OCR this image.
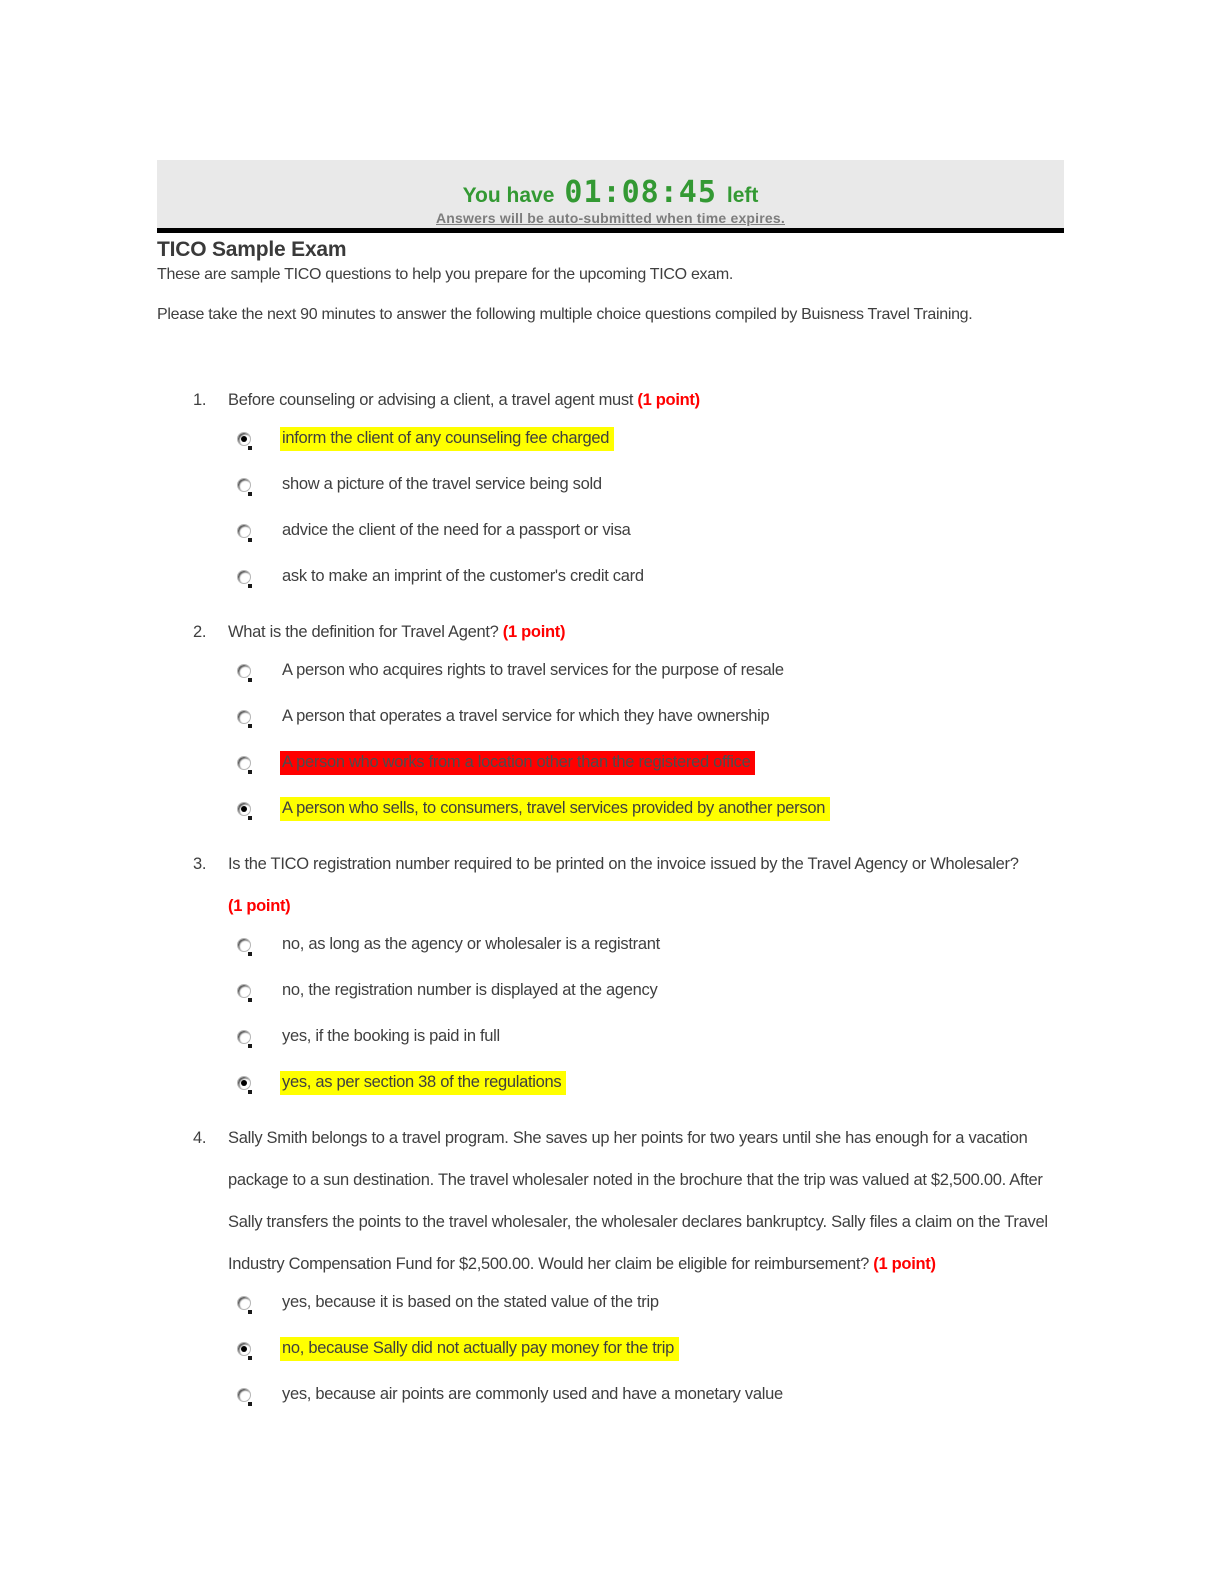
You have 01:08:45 left
Answers will be auto-submitted when time expires.
TICO Sample Exam

These are sample TICO questions to help you prepare for the upcoming TICO exam.

Please take the next 90 minutes to answer the following multiple choice questions compiled by Buisness Travel Training.

1.	Before counseling or advising a client, a travel agent must (1 point)

inform the client of any counseling fee charged
show a picture of the travel service being sold
advice the client of the need for a passport or visa
ask to make an imprint of the customer's credit card
2.	What is the definition for Travel Agent? (1 point)

A person who acquires rights to travel services for the purpose of resale
A person that operates a travel service for which they have ownership
A person who works from a location other than the registered office
A person who sells, to consumers, travel services provided by another person
3.	Is the TICO registration number required to be printed on the invoice issued by the Travel Agency or Wholesaler? (1 point)

no, as long as the agency or wholesaler is a registrant
no, the registration number is displayed at the agency
yes, if the booking is paid in full
yes, as per section 38 of the regulations
4.	Sally Smith belongs to a travel program. She saves up her points for two years until she has enough for a vacation package to a sun destination. The travel wholesaler noted in the brochure that the trip was valued at $2,500.00. After Sally transfers the points to the travel wholesaler, the wholesaler declares bankruptcy. Sally files a claim on the Travel Industry Compensation Fund for $2,500.00. Would her claim be eligible for reimbursement? (1 point)

yes, because it is based on the stated value of the trip
no, because Sally did not actually pay money for the trip
yes, because air points are commonly used and have a monetary value
